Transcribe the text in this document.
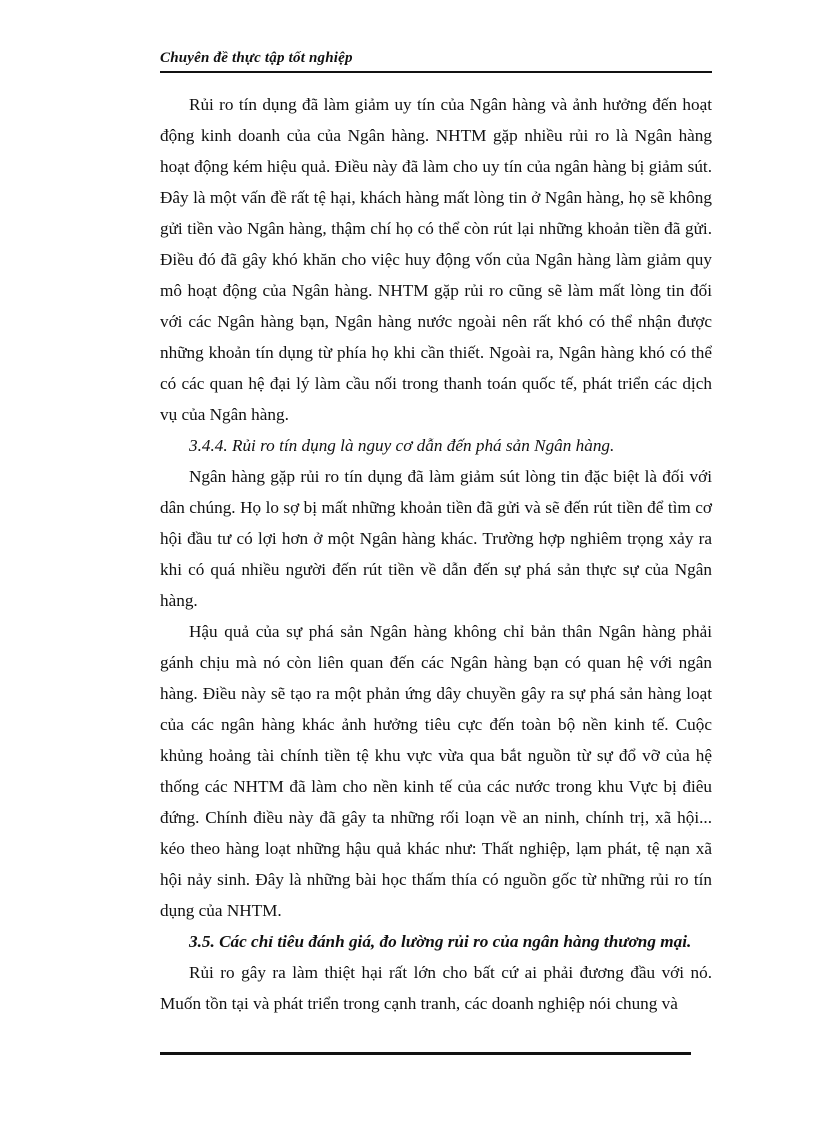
Chuyên đề thực tập tốt nghiệp

Rủi ro tín dụng đã làm giảm uy tín của Ngân hàng và ảnh hưởng đến hoạt động kinh doanh của của Ngân hàng. NHTM gặp nhiều rủi ro là Ngân hàng hoạt động kém hiệu quả. Điều này đã làm cho uy tín của ngân hàng bị giảm sút. Đây là một vấn đề rất tệ hại, khách hàng mất lòng tin ở Ngân hàng, họ sẽ không gửi tiền vào Ngân hàng, thậm chí họ có thể còn rút lại những khoản tiền đã gửi. Điều đó đã gây khó khăn cho việc huy động vốn của Ngân hàng làm giảm quy mô hoạt động của Ngân hàng. NHTM gặp rủi ro cũng sẽ làm mất lòng tin đối với các Ngân hàng bạn, Ngân hàng nước ngoài nên rất khó có thể nhận được những khoản tín dụng từ phía họ khi cần thiết. Ngoài ra, Ngân hàng khó có thể có các quan hệ đại lý làm cầu nối trong thanh toán quốc tế, phát triển các dịch vụ của Ngân hàng.

3.4.4. Rủi ro tín dụng là nguy cơ dẫn đến phá sản Ngân hàng.

Ngân hàng gặp rủi ro tín dụng đã làm giảm sút lòng tin đặc biệt là đối với dân chúng. Họ lo sợ bị mất những khoản tiền đã gửi và sẽ đến rút tiền để tìm cơ hội đầu tư có lợi hơn ở một Ngân hàng khác. Trường hợp nghiêm trọng xảy ra khi có quá nhiều người đến rút tiền về dẫn đến sự phá sản thực sự của Ngân hàng.

Hậu quả của sự phá sản Ngân hàng không chỉ bản thân Ngân hàng phải gánh chịu mà nó còn liên quan đến các Ngân hàng bạn có quan hệ với ngân hàng. Điều này sẽ tạo ra một phản ứng dây chuyền gây ra sự phá sản hàng loạt của các ngân hàng khác ảnh hưởng tiêu cực đến toàn bộ nền kinh tế. Cuộc khủng hoảng tài chính tiền tệ khu vực vừa qua bắt nguồn từ sự đổ vỡ của hệ thống các NHTM đã làm cho nền kinh tế của các nước trong khu Vực bị điêu đứng. Chính điều này đã gây ta những rối loạn về an ninh, chính trị, xã hội... kéo theo hàng loạt những hậu quả khác như: Thất nghiệp, lạm phát, tệ nạn xã hội nảy sinh. Đây là những bài học thấm thía có nguồn gốc từ những rủi ro tín dụng của NHTM.

3.5. Các chỉ tiêu đánh giá, đo lường rủi ro của ngân hàng thương mại.

Rủi ro gây ra làm thiệt hại rất lớn cho bất cứ ai phải đương đầu với nó. Muốn tồn tại và phát triển trong cạnh tranh, các doanh nghiệp nói chung và
